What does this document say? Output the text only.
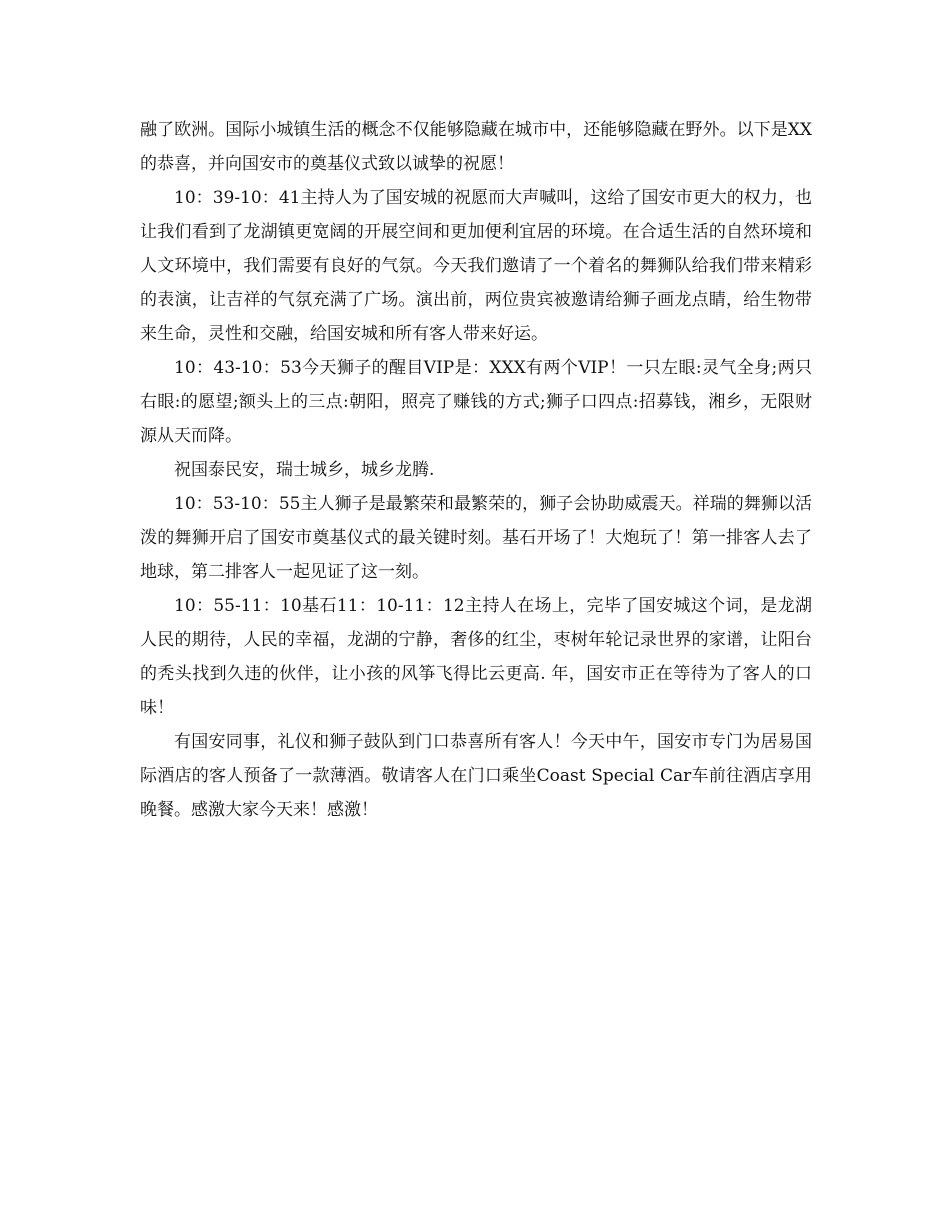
融了欧洲。国际小城镇生活的概念不仅能够隐藏在城市中，还能够隐藏在野外。以下是XX的恭喜，并向国安市的奠基仪式致以诚挚的祝愿！

10：39-10：41主持人为了国安城的祝愿而大声喊叫，这给了国安市更大的权力，也让我们看到了龙湖镇更宽阔的开展空间和更加便利宜居的环境。在合适生活的自然环境和人文环境中，我们需要有良好的气氛。今天我们邀请了一个着名的舞狮队给我们带来精彩的表演，让吉祥的气氛充满了广场。演出前，两位贵宾被邀请给狮子画龙点睛，给生物带来生命，灵性和交融，给国安城和所有客人带来好运。

10：43-10：53今天狮子的醒目VIP是：XXX有两个VIP！一只左眼:灵气全身;两只右眼:的愿望;额头上的三点:朝阳，照亮了赚钱的方式;狮子口四点:招募钱，湘乡，无限财源从天而降。

祝国泰民安，瑞士城乡，城乡龙腾.

10：53-10：55主人狮子是最繁荣和最繁荣的，狮子会协助威震天。祥瑞的舞狮以活泼的舞狮开启了国安市奠基仪式的最关键时刻。基石开场了！大炮玩了！第一排客人去了地球，第二排客人一起见证了这一刻。

10：55-11：10基石11：10-11：12主持人在场上，完毕了国安城这个词，是龙湖人民的期待，人民的幸福，龙湖的宁静，奢侈的红尘，枣树年轮记录世界的家谱，让阳台的秃头找到久违的伙伴，让小孩的风筝飞得比云更高. 年，国安市正在等待为了客人的口味！

有国安同事，礼仪和狮子鼓队到门口恭喜所有客人！今天中午，国安市专门为居易国际酒店的客人预备了一款薄酒。敬请客人在门口乘坐Coast Special Car车前往酒店享用晚餐。感激大家今天来！感激！
